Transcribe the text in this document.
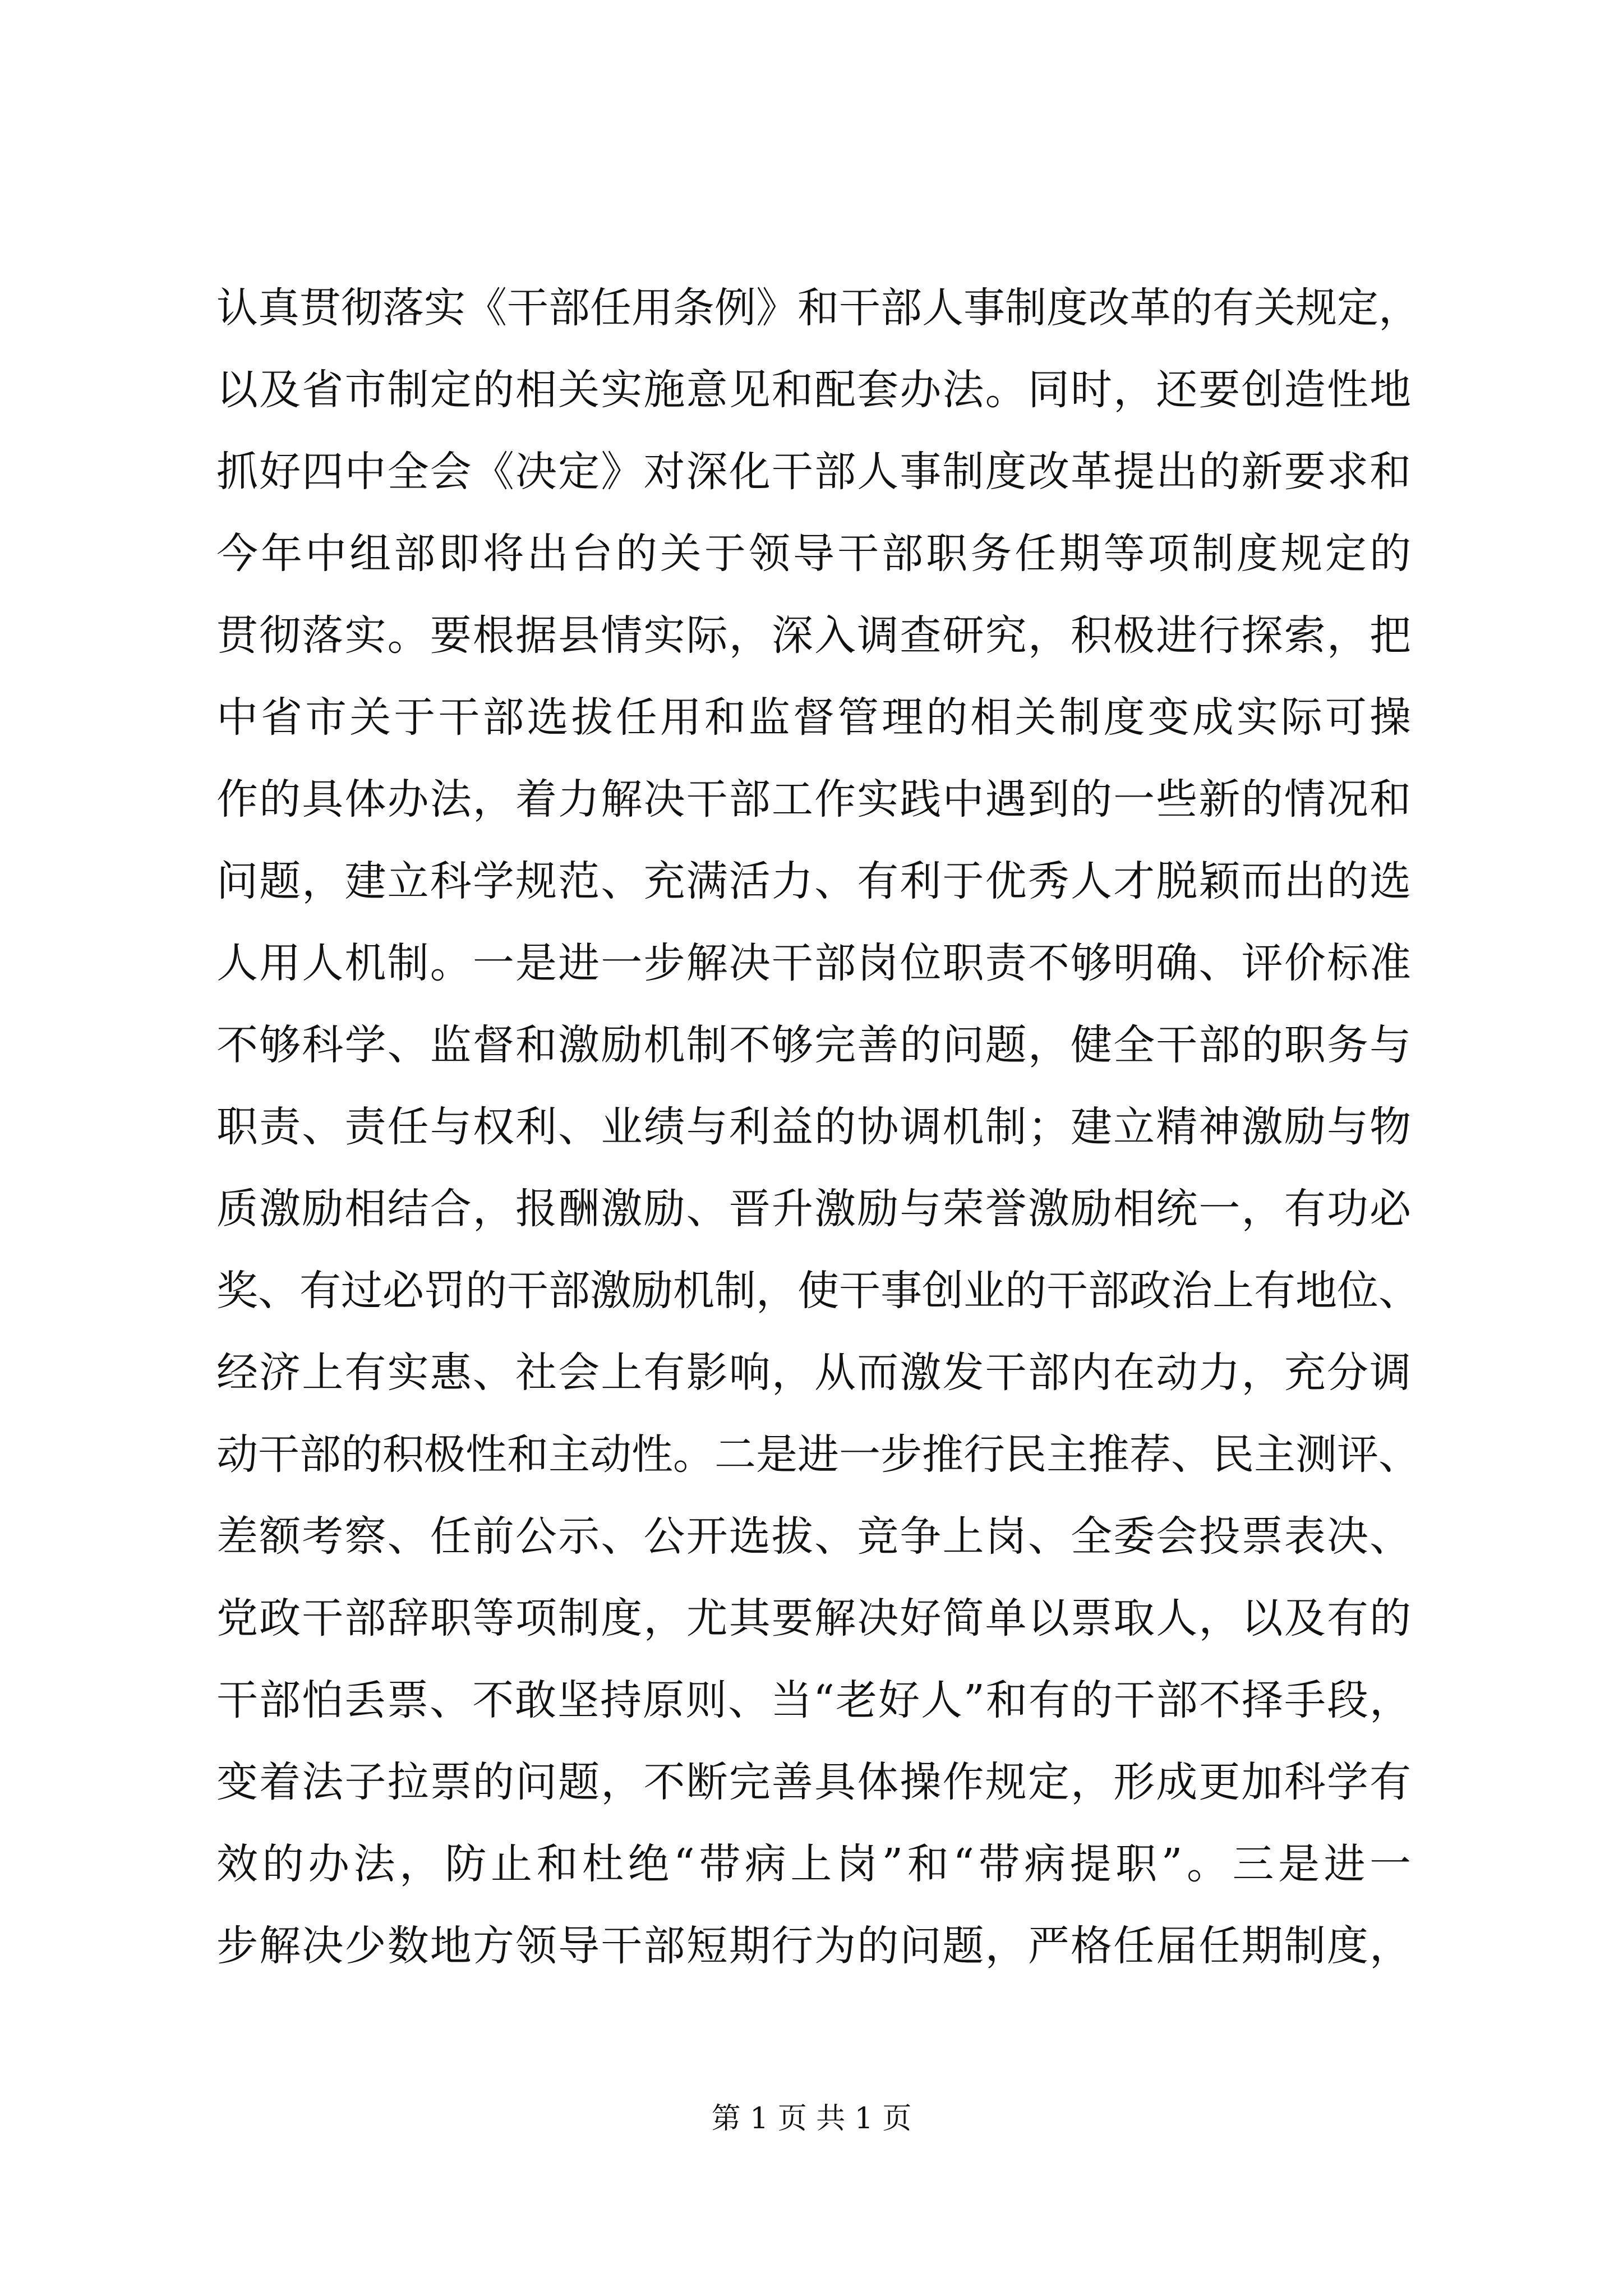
认真贯彻落实《干部任用条例》和干部人事制度改革的有关规定，
以及省市制定的相关实施意见和配套办法。同时，还要创造性地
抓好四中全会《决定》对深化干部人事制度改革提出的新要求和
今年中组部即将出台的关于领导干部职务任期等项制度规定的
贯彻落实。要根据县情实际，深入调查研究，积极进行探索，把
中省市关于干部选拔任用和监督管理的相关制度变成实际可操
作的具体办法，着力解决干部工作实践中遇到的一些新的情况和
问题，建立科学规范、充满活力、有利于优秀人才脱颖而出的选
人用人机制。一是进一步解决干部岗位职责不够明确、评价标准
不够科学、监督和激励机制不够完善的问题，健全干部的职务与
职责、责任与权利、业绩与利益的协调机制；建立精神激励与物
质激励相结合，报酬激励、晋升激励与荣誉激励相统一，有功必
奖、有过必罚的干部激励机制，使干事创业的干部政治上有地位、
经济上有实惠、社会上有影响，从而激发干部内在动力，充分调
动干部的积极性和主动性。二是进一步推行民主推荐、民主测评、
差额考察、任前公示、公开选拔、竞争上岗、全委会投票表决、
党政干部辞职等项制度，尤其要解决好简单以票取人，以及有的
干部怕丢票、不敢坚持原则、当“老好人”和有的干部不择手段，
变着法子拉票的问题，不断完善具体操作规定，形成更加科学有
效的办法，防止和杜绝“带病上岗”和“带病提职”。三是进一
步解决少数地方领导干部短期行为的问题，严格任届任期制度，
第 1 页 共 1 页
